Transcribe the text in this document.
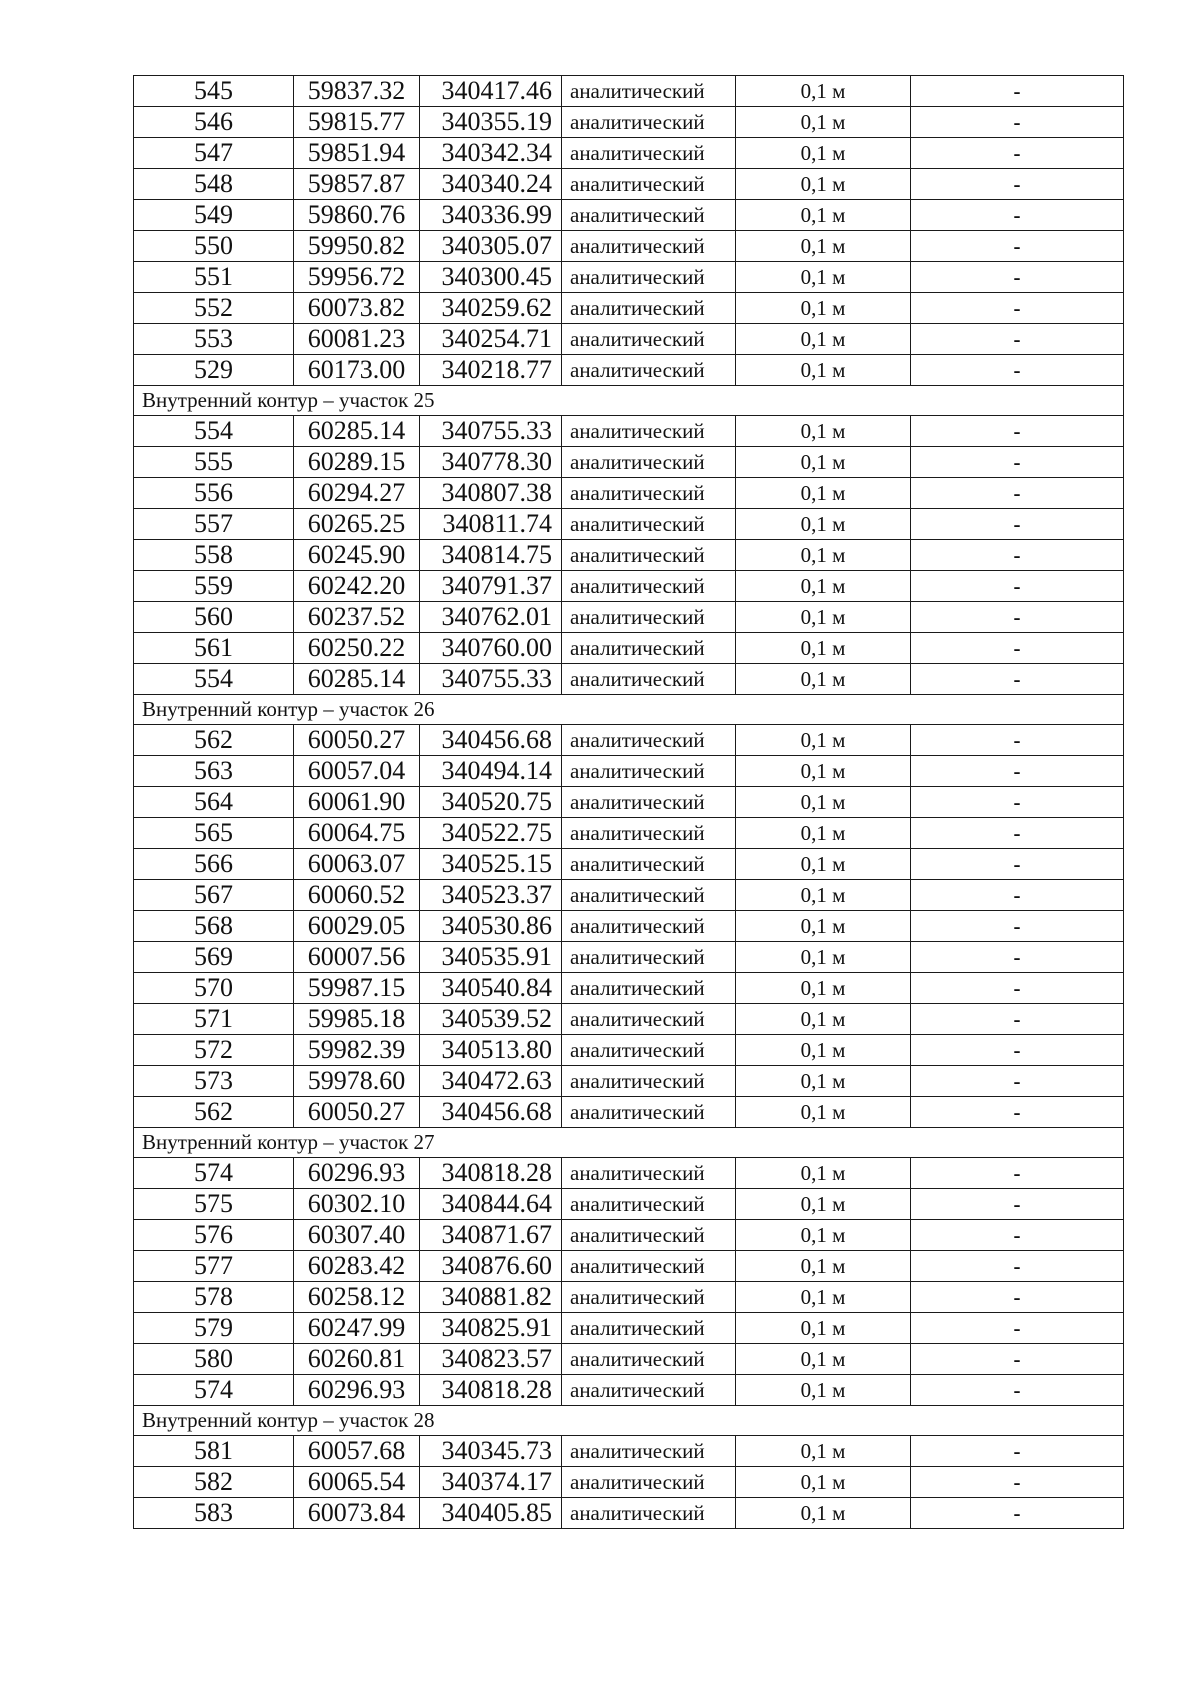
545	59837.32	340417.46	аналитический	0,1 м	-
546	59815.77	340355.19	аналитический	0,1 м	-
547	59851.94	340342.34	аналитический	0,1 м	-
548	59857.87	340340.24	аналитический	0,1 м	-
549	59860.76	340336.99	аналитический	0,1 м	-
550	59950.82	340305.07	аналитический	0,1 м	-
551	59956.72	340300.45	аналитический	0,1 м	-
552	60073.82	340259.62	аналитический	0,1 м	-
553	60081.23	340254.71	аналитический	0,1 м	-
529	60173.00	340218.77	аналитический	0,1 м	-
Внутренний контур – участок 25					
554	60285.14	340755.33	аналитический	0,1 м	-
555	60289.15	340778.30	аналитический	0,1 м	-
556	60294.27	340807.38	аналитический	0,1 м	-
557	60265.25	340811.74	аналитический	0,1 м	-
558	60245.90	340814.75	аналитический	0,1 м	-
559	60242.20	340791.37	аналитический	0,1 м	-
560	60237.52	340762.01	аналитический	0,1 м	-
561	60250.22	340760.00	аналитический	0,1 м	-
554	60285.14	340755.33	аналитический	0,1 м	-
Внутренний контур – участок 26					
562	60050.27	340456.68	аналитический	0,1 м	-
563	60057.04	340494.14	аналитический	0,1 м	-
564	60061.90	340520.75	аналитический	0,1 м	-
565	60064.75	340522.75	аналитический	0,1 м	-
566	60063.07	340525.15	аналитический	0,1 м	-
567	60060.52	340523.37	аналитический	0,1 м	-
568	60029.05	340530.86	аналитический	0,1 м	-
569	60007.56	340535.91	аналитический	0,1 м	-
570	59987.15	340540.84	аналитический	0,1 м	-
571	59985.18	340539.52	аналитический	0,1 м	-
572	59982.39	340513.80	аналитический	0,1 м	-
573	59978.60	340472.63	аналитический	0,1 м	-
562	60050.27	340456.68	аналитический	0,1 м	-
Внутренний контур – участок 27					
574	60296.93	340818.28	аналитический	0,1 м	-
575	60302.10	340844.64	аналитический	0,1 м	-
576	60307.40	340871.67	аналитический	0,1 м	-
577	60283.42	340876.60	аналитический	0,1 м	-
578	60258.12	340881.82	аналитический	0,1 м	-
579	60247.99	340825.91	аналитический	0,1 м	-
580	60260.81	340823.57	аналитический	0,1 м	-
574	60296.93	340818.28	аналитический	0,1 м	-
Внутренний контур – участок 28					
581	60057.68	340345.73	аналитический	0,1 м	-
582	60065.54	340374.17	аналитический	0,1 м	-
583	60073.84	340405.85	аналитический	0,1 м	-
